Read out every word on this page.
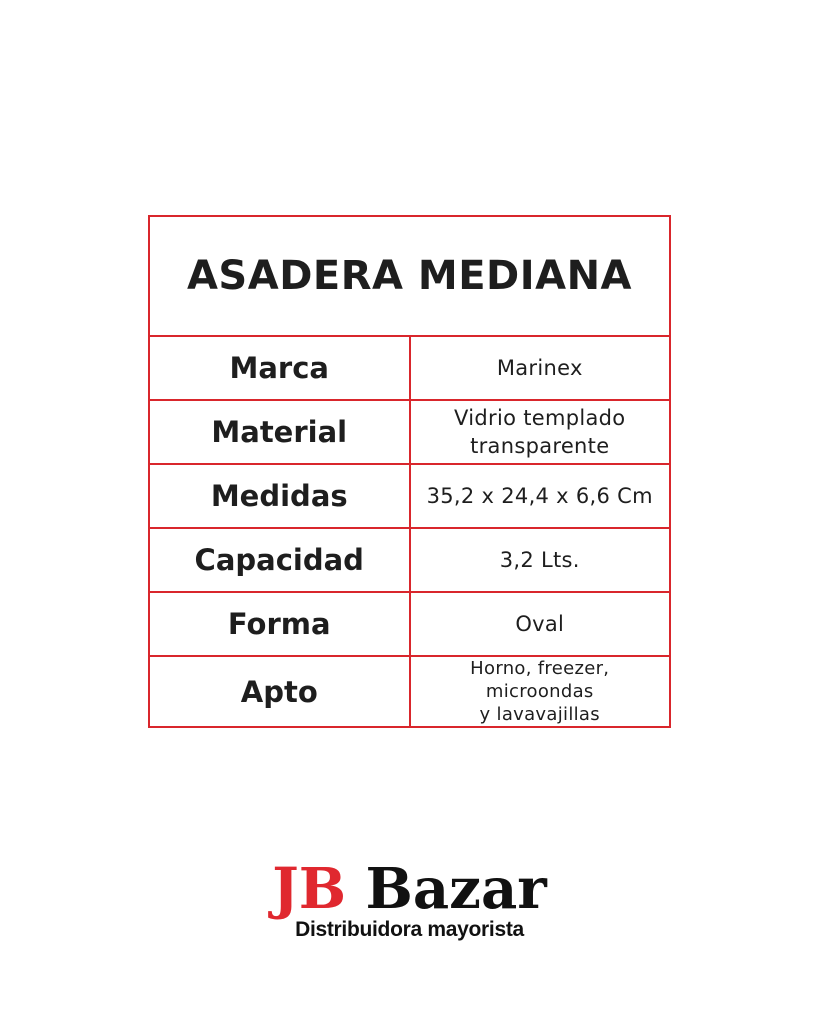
ASADERA MEDIANA	
Marca	Marinex

Material	Vidrio templado
transparente

Medidas	35,2 x 24,4 x 6,6 Cm

Capacidad	3,2 Lts.

Forma	Oval

Apto	Horno, freezer, microondas
y lavavajillas
JB Bazar
Distribuidora mayorista
